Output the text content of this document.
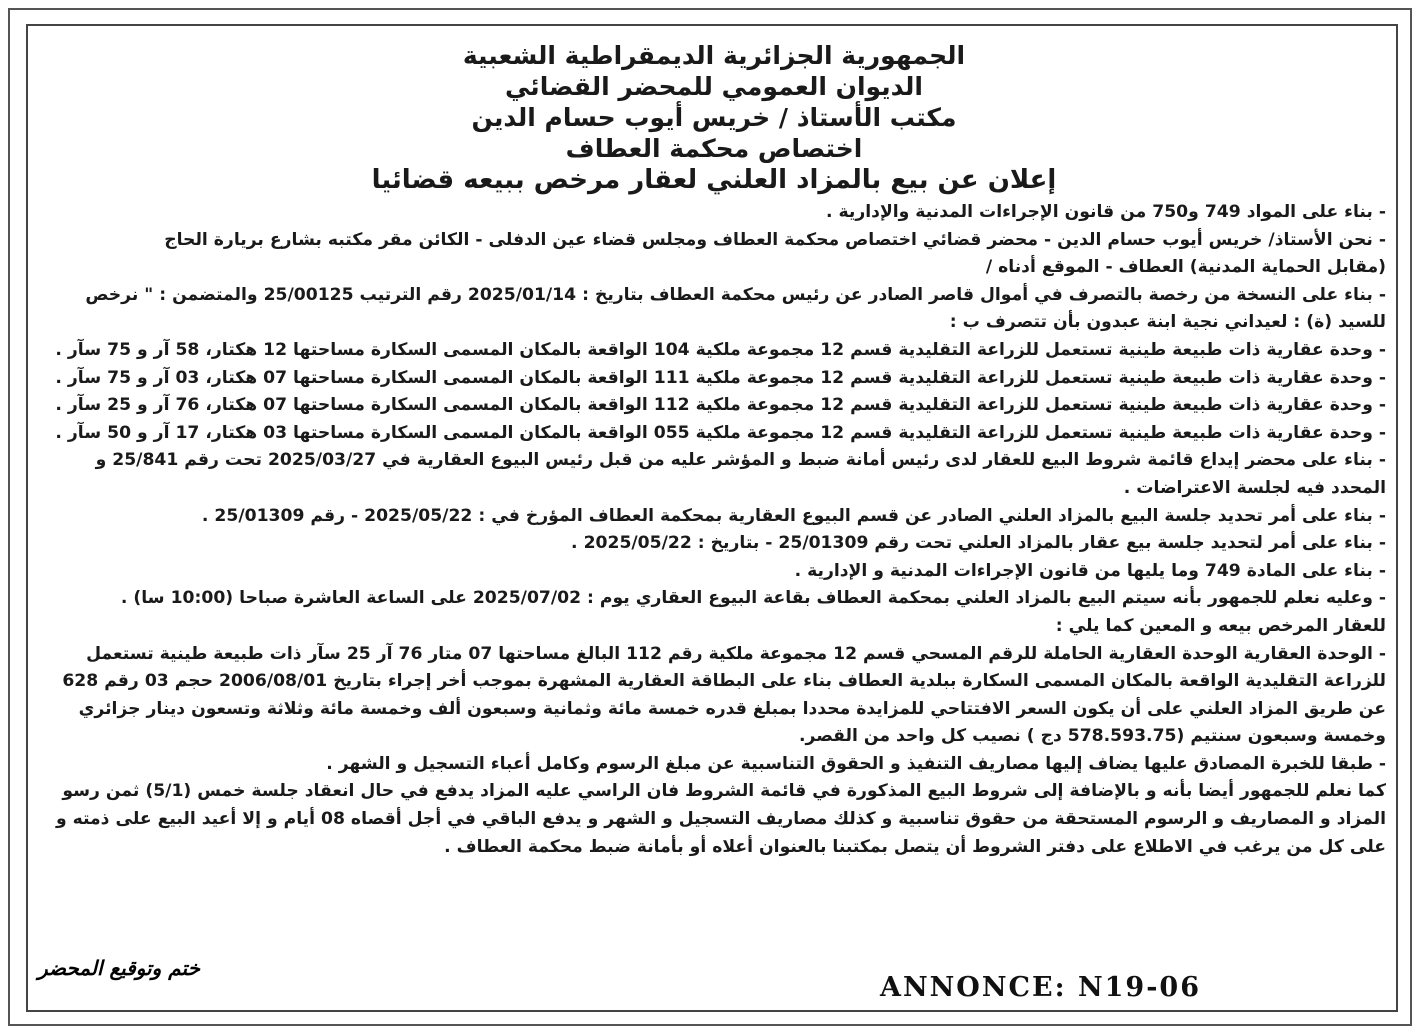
الجمهورية الجزائرية الديمقراطية الشعبية
الديوان العمومي للمحضر القضائي
مكتب الأستاذ / خريس أيوب حسام الدين
اختصاص محكمة العطاف
إعلان عن بيع بالمزاد العلني لعقار مرخص ببيعه قضائيا
- بناء على المواد 749 و750 من قانون الإجراءات المدنية والإدارية .
- نحن الأستاذ/ خريس أيوب حسام الدين - محضر قضائي اختصاص محكمة العطاف ومجلس قضاء عين الدفلى - الكائن مقر مكتبه بشارع بريارة الحاج
(مقابل الحماية المدنية) العطاف - الموقع أدناه /
- بناء على النسخة من رخصة بالتصرف في أموال قاصر الصادر عن رئيس محكمة العطاف بتاريخ : 2025/01/14 رقم الترتيب 25/00125 والمتضمن : " نرخص
للسيد (ة) : لعيداني نجية ابنة عبدون بأن تتصرف ب :
- وحدة عقارية ذات طبيعة طينية تستعمل للزراعة التقليدية قسم 12 مجموعة ملكية 104 الواقعة بالمكان المسمى السكارة مساحتها 12 هكتار، 58 آر و 75 سآر .
- وحدة عقارية ذات طبيعة طينية تستعمل للزراعة التقليدية قسم 12 مجموعة ملكية 111 الواقعة بالمكان المسمى السكارة مساحتها 07 هكتار، 03 آر و 75 سآر .
- وحدة عقارية ذات طبيعة طينية تستعمل للزراعة التقليدية قسم 12 مجموعة ملكية 112 الواقعة بالمكان المسمى السكارة مساحتها 07 هكتار، 76 آر و 25 سآر .
- وحدة عقارية ذات طبيعة طينية تستعمل للزراعة التقليدية قسم 12 مجموعة ملكية 055 الواقعة بالمكان المسمى السكارة مساحتها 03 هكتار، 17 آر و 50 سآر .
- بناء على محضر إيداع قائمة شروط البيع للعقار لدى رئيس أمانة ضبط و المؤشر عليه من قبل رئيس البيوع العقارية في 2025/03/27 تحت رقم 25/841 و
المحدد فيه لجلسة الاعتراضات .
- بناء على أمر تحديد جلسة البيع بالمزاد العلني الصادر عن قسم البيوع العقارية بمحكمة العطاف المؤرخ في : 2025/05/22 - رقم 25/01309 .
- بناء على أمر لتحديد جلسة بيع عقار بالمزاد العلني تحت رقم 25/01309 - بتاريخ : 2025/05/22 .
- بناء على المادة 749 وما يليها من قانون الإجراءات المدنية و الإدارية .
- وعليه نعلم للجمهور بأنه سيتم البيع بالمزاد العلني بمحكمة العطاف بقاعة البيوع العقاري يوم : 2025/07/02 على الساعة العاشرة صباحا (10:00 سا) .
للعقار المرخص بيعه و المعين كما يلي :
- الوحدة العقارية الوحدة العقارية الحاملة للرقم المسحي قسم 12 مجموعة ملكية رقم 112 البالغ مساحتها 07 متار 76 آر 25 سآر ذات طبيعة طينية تستعمل
للزراعة التقليدية الواقعة بالمكان المسمى السكارة ببلدية العطاف بناء على البطاقة العقارية المشهرة بموجب أخر إجراء بتاريخ 2006/08/01 حجم 03 رقم 628
عن طريق المزاد العلني على أن يكون السعر الافتتاحي للمزايدة محددا بمبلغ قدره خمسة مائة وثمانية وسبعون ألف وخمسة مائة وثلاثة وتسعون دينار جزائري
وخمسة وسبعون سنتيم (578.593.75 دج ) نصيب كل واحد من القصر.
- طبقا للخبرة المصادق عليها يضاف إليها مصاريف التنفيذ و الحقوق التناسبية عن مبلغ الرسوم وكامل أعباء التسجيل و الشهر .
كما نعلم للجمهور أيضا بأنه و بالإضافة إلى شروط البيع المذكورة في قائمة الشروط فان الراسي عليه المزاد يدفع في حال انعقاد جلسة خمس (5/1) ثمن رسو
المزاد و المصاريف و الرسوم المستحقة من حقوق تناسبية و كذلك مصاريف التسجيل و الشهر و يدفع الباقي في أجل أقصاه 08 أيام و إلا أعيد البيع على ذمته و
على كل من يرغب في الاطلاع على دفتر الشروط أن يتصل بمكتبنا بالعنوان أعلاه أو بأمانة ضبط محكمة العطاف .
ختم وتوقيع المحضر
ANNONCE: N19-06
